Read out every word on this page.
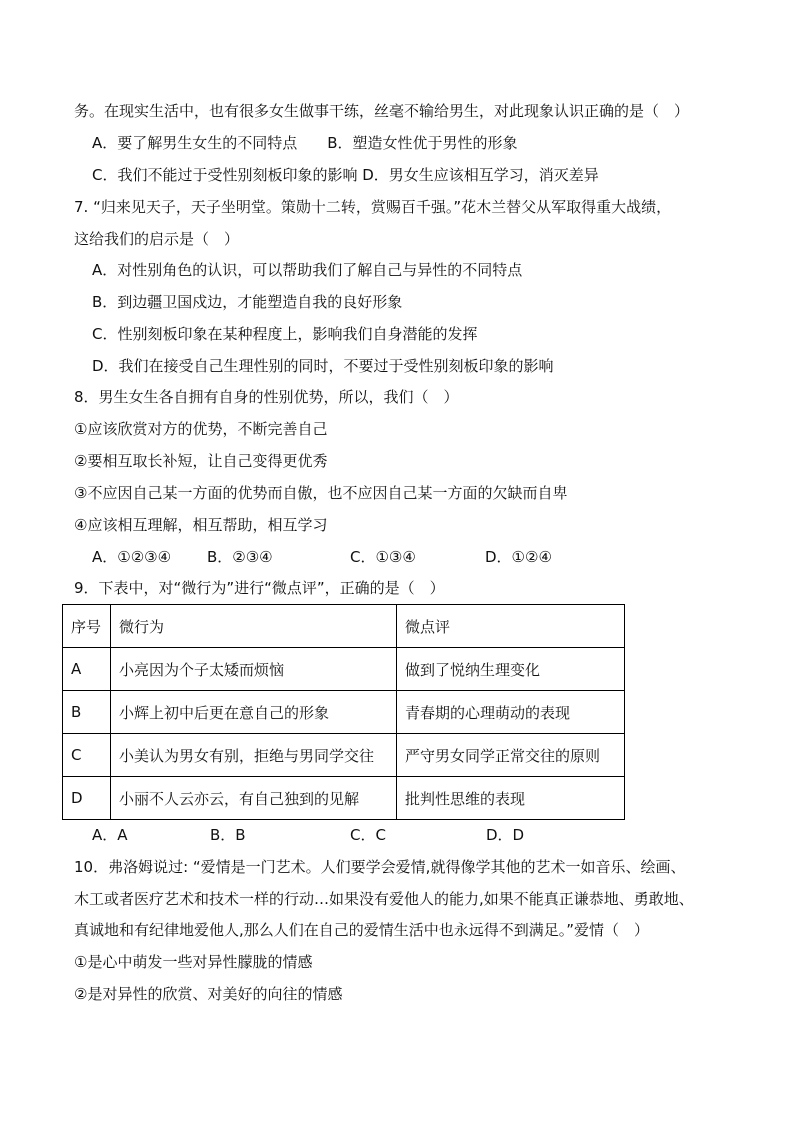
务。在现实生活中，也有很多女生做事干练，丝毫不输给男生，对此现象认识正确的是（　）
A．要了解男生女生的不同特点　　B．塑造女性优于男性的形象
C．我们不能过于受性别刻板印象的影响 D．男女生应该相互学习，消灭差异
7. “归来见天子，天子坐明堂。策勋十二转，赏赐百千强。”花木兰替父从军取得重大战绩，
这给我们的启示是（　）
A．对性别角色的认识，可以帮助我们了解自己与异性的不同特点
B．到边疆卫国戍边，才能塑造自我的良好形象
C．性别刻板印象在某种程度上，影响我们自身潜能的发挥
D．我们在接受自己生理性别的同时，不要过于受性别刻板印象的影响
8．男生女生各自拥有自身的性别优势，所以，我们（　）
①应该欣赏对方的优势，不断完善自己
②要相互取长补短，让自己变得更优秀
③不应因自己某一方面的优势而自傲，也不应因自己某一方面的欠缺而自卑
④应该相互理解，相互帮助，相互学习
A．①②③④ B．②③④	C．①③④	D．①②④
9．下表中，对“微行为”进行“微点评”，正确的是（　）
序号	微行为	微点评
A	小亮因为个子太矮而烦恼	做到了悦纳生理变化
B	小辉上初中后更在意自己的形象	青春期的心理萌动的表现
C	小美认为男女有别，拒绝与男同学交往	严守男女同学正常交往的原则
D	小丽不人云亦云，有自己独到的见解	批判性思维的表现
A．A	B．B	C．C	D．D
10．弗洛姆说过: “爱情是一门艺术。人们要学会爱情,就得像学其他的艺术一如音乐、绘画、
木工或者医疗艺术和技术一样的行动…如果没有爱他人的能力,如果不能真正谦恭地、勇敢地、
真诚地和有纪律地爱他人,那么人们在自己的爱情生活中也永远得不到满足。”爱情（　）
①是心中萌发一些对异性朦胧的情感
②是对异性的欣赏、对美好的向往的情感
